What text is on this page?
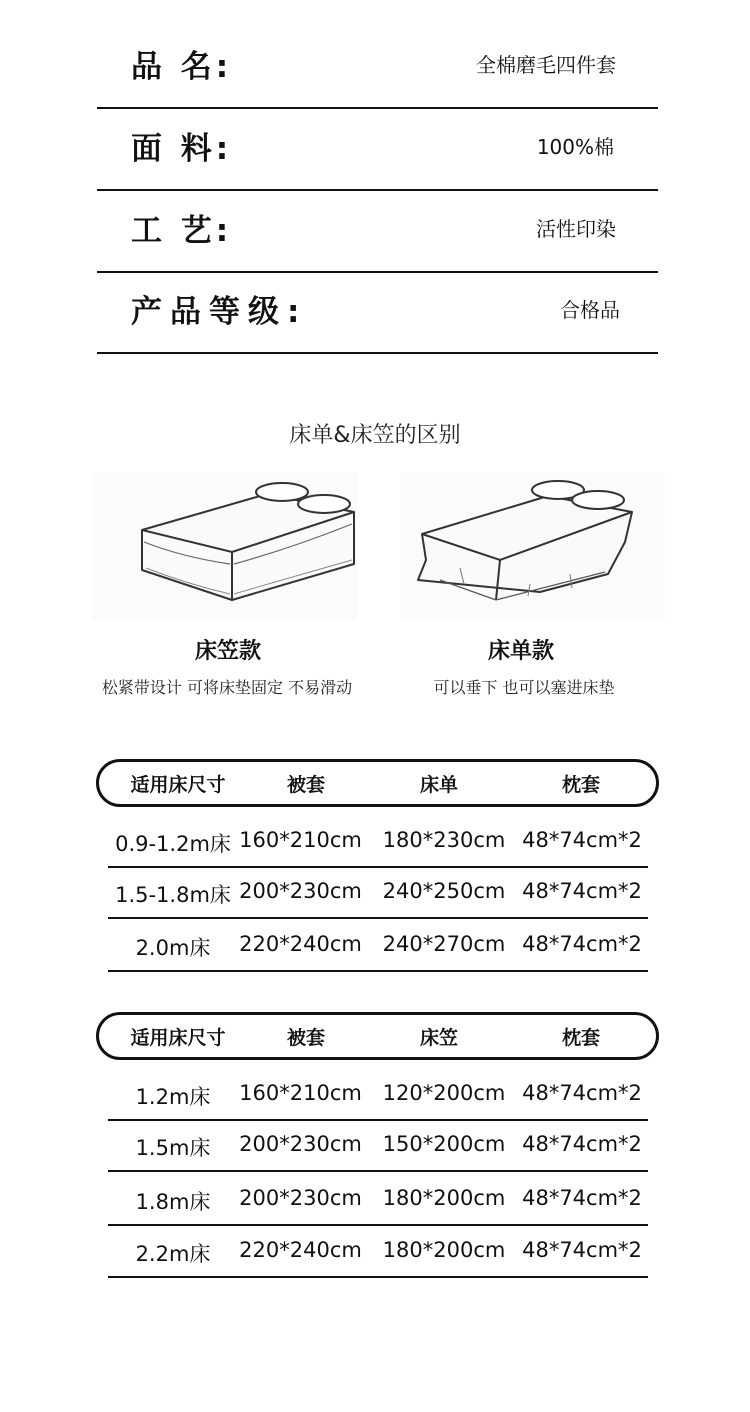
品 名:	全棉磨毛四件套
面 料:	100%棉
工 艺:	活性印染
产品等级:	合格品
床单&床笠的区别
床笠款
松紧带设计 可将床垫固定 不易滑动
床单款
可以垂下 也可以塞进床垫
适用床尺寸	被套	床单	枕套
0.9-1.2m床 160*210cm 180*230cm 48*74cm*2
1.5-1.8m床 200*230cm 240*250cm 48*74cm*2
2.0m床	220*240cm 240*270cm 48*74cm*2
适用床尺寸	被套	床笠	枕套
1.2m床	160*210cm 120*200cm 48*74cm*2
1.5m床	200*230cm 150*200cm 48*74cm*2
1.8m床	200*230cm 180*200cm 48*74cm*2
2.2m床	220*240cm 180*200cm 48*74cm*2
